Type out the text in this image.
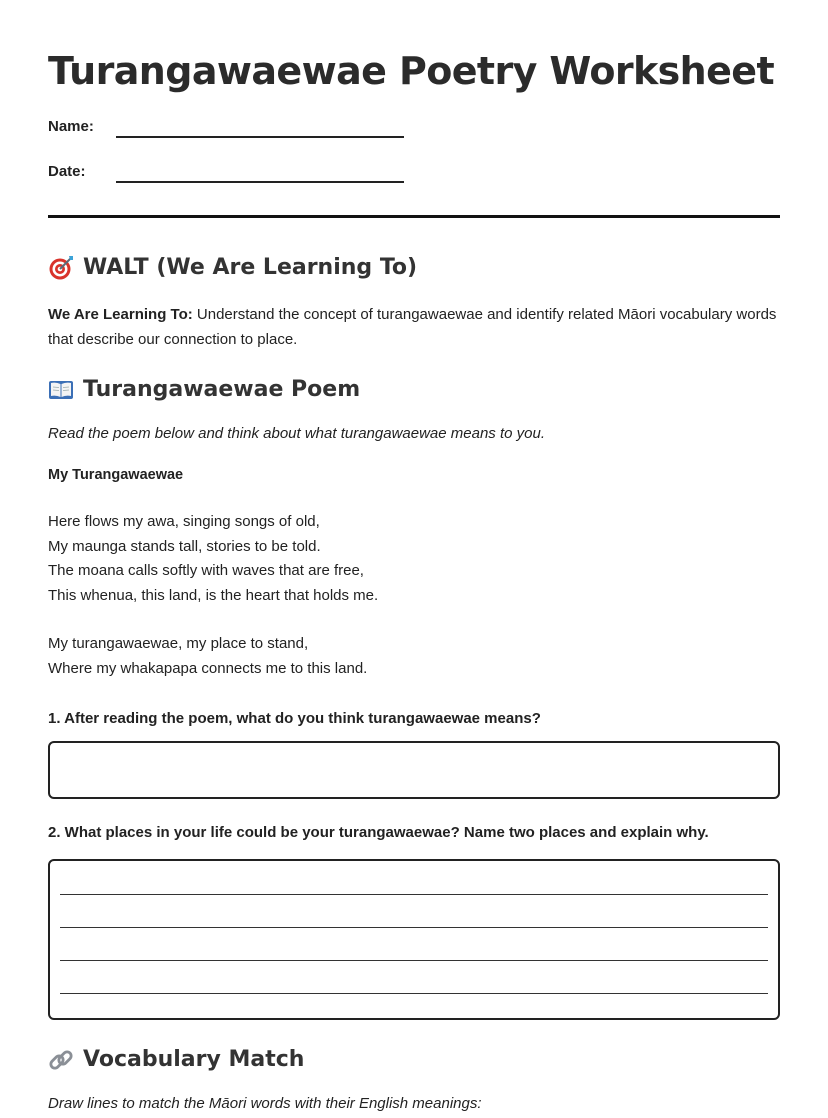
Turangawaewae Poetry Worksheet
Name:
Date:
WALT (We Are Learning To)
We Are Learning To: Understand the concept of turangawaewae and identify related Māori vocabulary words that describe our connection to place.
Turangawaewae Poem
Read the poem below and think about what turangawaewae means to you.
My Turangawaewae
Here flows my awa, singing songs of old,
My maunga stands tall, stories to be told.
The moana calls softly with waves that are free,
This whenua, this land, is the heart that holds me.
My turangawaewae, my place to stand,
Where my whakapapa connects me to this land.
1. After reading the poem, what do you think turangawaewae means?
2. What places in your life could be your turangawaewae? Name two places and explain why.
Vocabulary Match
Draw lines to match the Māori words with their English meanings:
